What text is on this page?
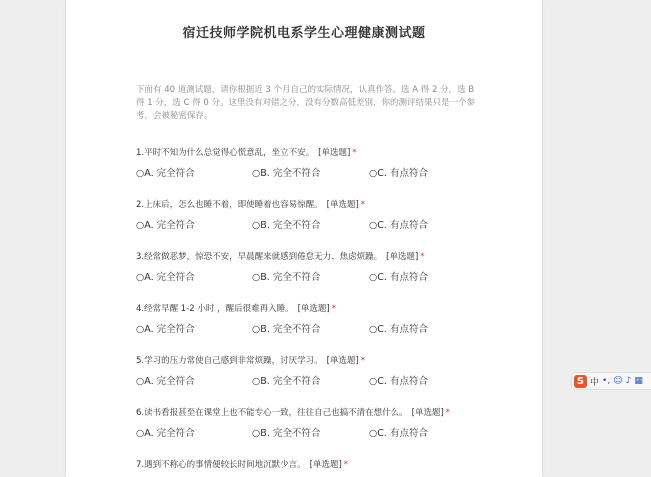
宿迁技师学院机电系学生心理健康测试题
下面有 40 道测试题，请你根据近 3 个月自己的实际情况，认真作答。选 A 得 2 分，选 B 得 1 分，选 C 得 0 分。这里没有对错之分，没有分数高低差别，你的测评结果只是一个参考，会被秘密保存。
1.平时不知为什么总觉得心慌意乱，坐立不安。 [单选题] *
○A. 完全符合	○B. 完全不符合	○C. 有点符合
2.上床后，怎么也睡不着，即使睡着也容易惊醒。 [单选题] *
○A. 完全符合	○B. 完全不符合	○C. 有点符合
3.经常做恶梦，惊恐不安，早晨醒来就感到倦怠无力、焦虑烦躁。 [单选题] *
○A. 完全符合	○B. 完全不符合	○C. 有点符合
4.经常早醒 1-2 小时 ，醒后很难再入睡。 [单选题] *
○A. 完全符合	○B. 完全不符合	○C. 有点符合
5.学习的压力常使自己感到非常烦躁，讨厌学习。 [单选题] *
○A. 完全符合	○B. 完全不符合	○C. 有点符合
6.读书看报甚至在课堂上也不能专心一致，往往自己也搞不清在想什么。 [单选题] *
○A. 完全符合	○B. 完全不符合	○C. 有点符合
7.遇到不称心的事情便较长时间地沉默少言。 [单选题] *
S 中 •, ☺ ♪ ▦
